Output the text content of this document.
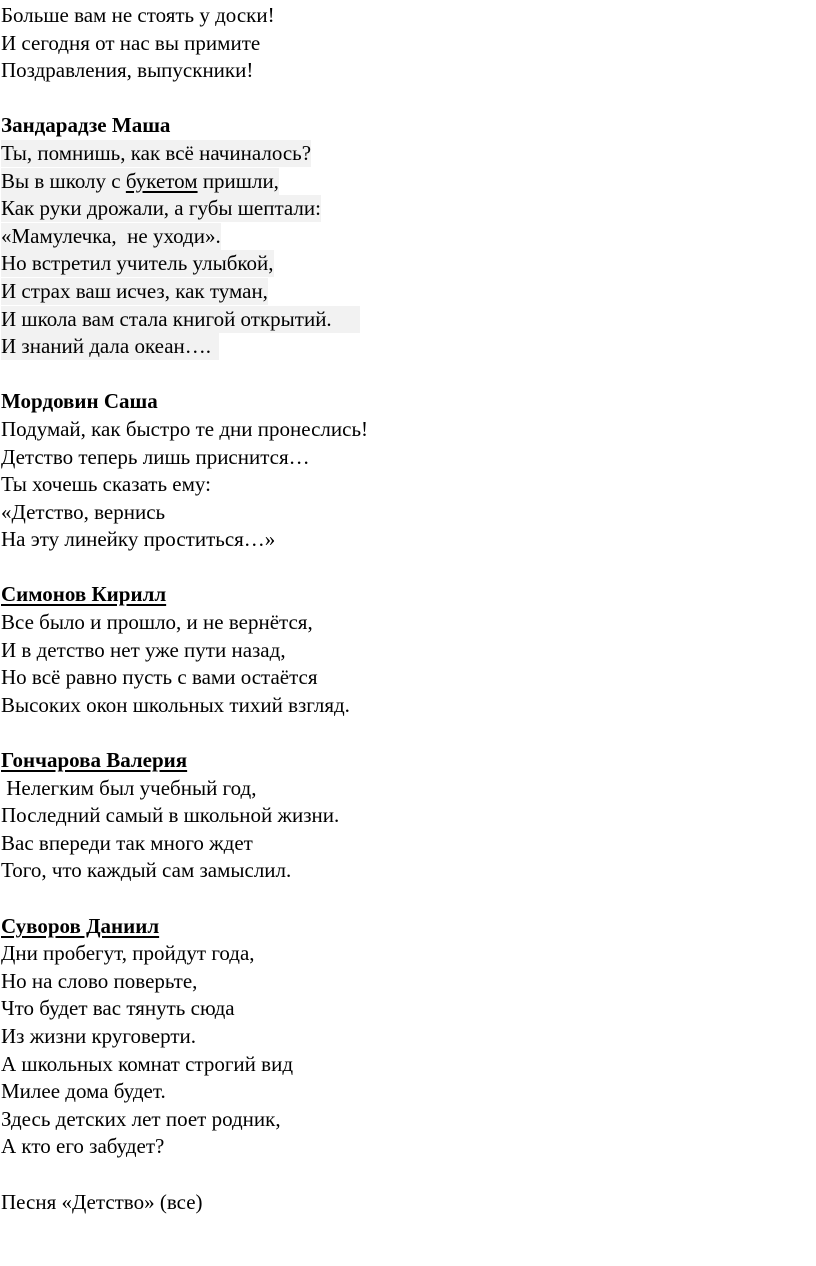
Больше вам не стоять у доски!
И сегодня от нас вы примите
Поздравления, выпускники!
Зандарадзе Маша
Ты, помнишь, как всё начиналось?
Вы в школу с букетом пришли,
Как руки дрожали, а губы шептали:
«Мамулечка,  не уходи».
Но встретил учитель улыбкой,
И страх ваш исчез, как туман,
И школа вам стала книгой открытий.
И знаний дала океан….
Мордовин Саша
Подумай, как быстро те дни пронеслись!
Детство теперь лишь приснится…
Ты хочешь сказать ему:
«Детство, вернись
На эту линейку проститься…»
Симонов Кирилл
Все было и прошло, и не вернётся,
И в детство нет уже пути назад,
Но всё равно пусть с вами остаётся
Высоких окон школьных тихий взгляд.
Гончарова Валерия
Нелегким был учебный год,
Последний самый в школьной жизни.
Вас впереди так много ждет
Того, что каждый сам замыслил.
Суворов Даниил
Дни пробегут, пройдут года,
Но на слово поверьте,
Что будет вас тянуть сюда
Из жизни круговерти.
А школьных комнат строгий вид
Милее дома будет.
Здесь детских лет поет родник,
А кто его забудет?
Песня «Детство» (все)
